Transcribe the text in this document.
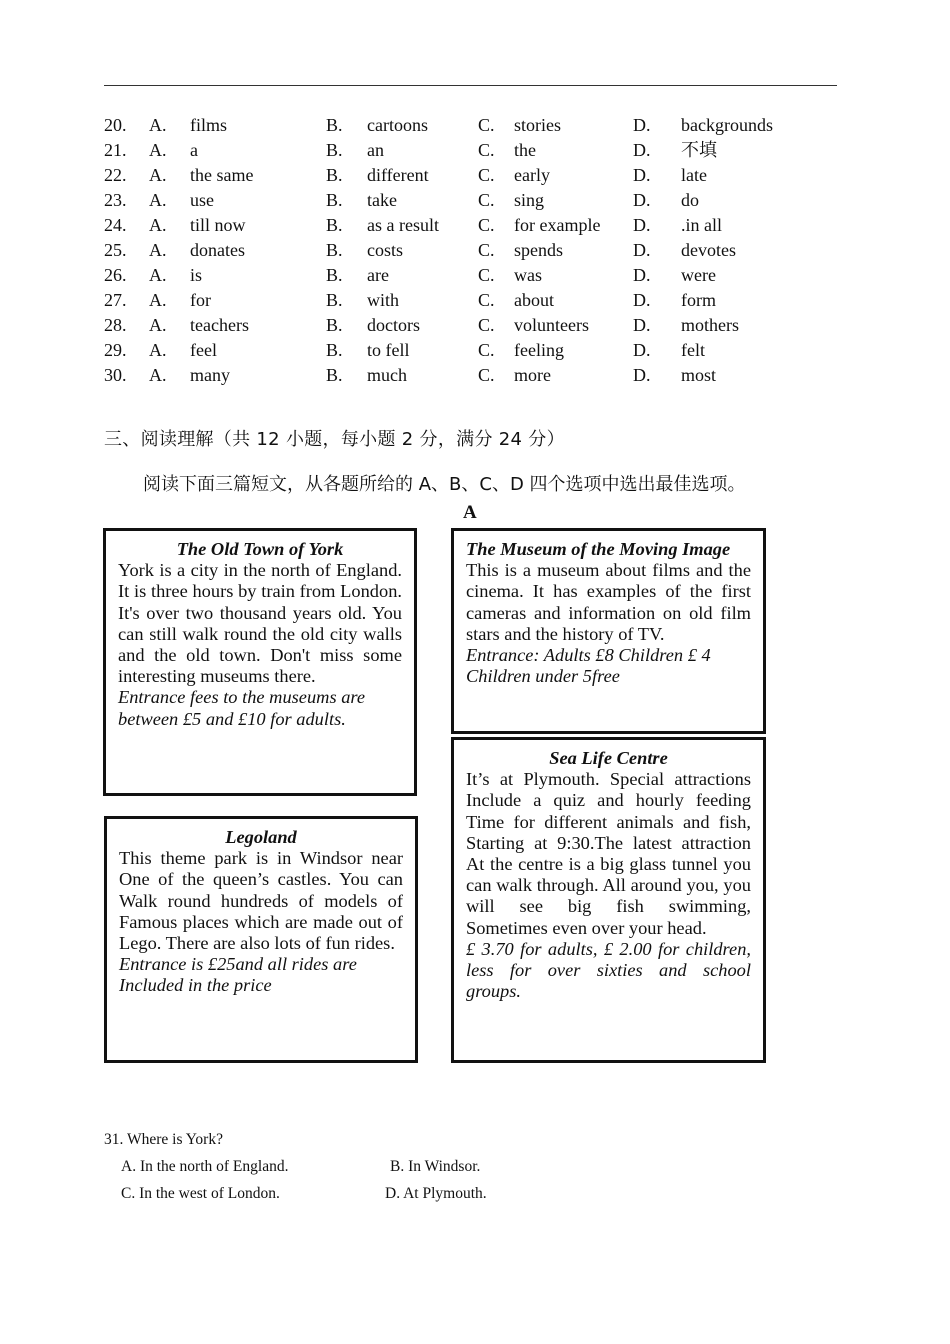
20. A. films	B. cartoons	C. stories	D. backgrounds
21. A. a	B. an	C. the	D. 不填
22. A. the same	B. different	C. early	D. late
23. A. use	B. take	C. sing	D. do
24. A. till now	B. as a result C. for example D. .in all
25. A. donates	B. costs	C. spends	D. devotes
26. A. is	B. are	C. was	D. were
27. A. for	B. with	C. about	D. form
28. A. teachers	B. doctors	C. volunteers D. mothers
29. A. feel	B. to fell	C. feeling	D. felt
30. A. many	B. much	C. more	D. most
三、阅读理解（共 12 小题，每小题 2 分，满分 24 分）
阅读下面三篇短文，从各题所给的 A、B、C、D 四个选项中选出最佳选项。
A
The Old Town of York

York is a city in the north of England. It is three hours by train from London. It's over two thousand years old. You can still walk round the old city walls and the old town. Don't miss some interesting museums there.

Entrance fees to the museums are between £5 and £10 for adults.

The Museum of the Moving Image

This is a museum about films and the cinema. It has examples of the first cameras and information on old film stars and the history of TV.

Entrance: Adults £8 Children £ 4 Children under 5free

Sea Life Centre

It’s at Plymouth. Special attractions Include a quiz and hourly feeding Time for different animals and fish, Starting at 9:30.The latest attraction At the centre is a big glass tunnel you can walk through. All around you, you will see big fish swimming, Sometimes even over your head.

£ 3.70 for adults, £ 2.00 for children, less for over sixties and school groups.

Legoland

This theme park is in Windsor near One of the queen’s castles. You can Walk round hundreds of models of Famous places which are made out of Lego. There are also lots of fun rides.

Entrance is £25and all rides are Included in the price

31. Where is York?
A. In the north of England.	B. In Windsor.
C. In the west of London.	D. At Plymouth.
